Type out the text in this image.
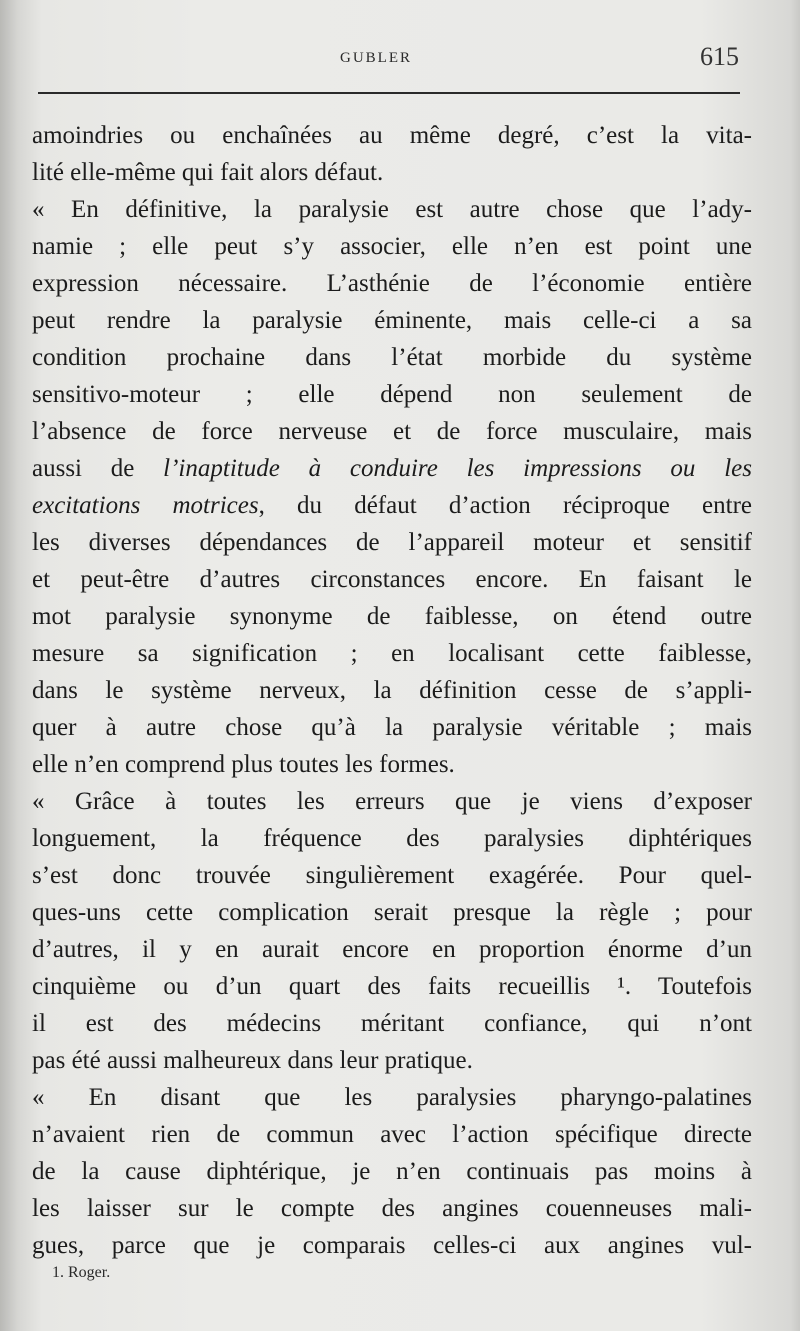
GUBLER	615
amoindries ou enchaînées au même degré, c’est la vita-
lité elle-même qui fait alors défaut.
« En définitive, la paralysie est autre chose que l’ady-
namie ; elle peut s’y associer, elle n’en est point une
expression nécessaire. L’asthénie de l’économie entière
peut rendre la paralysie éminente, mais celle-ci a sa
condition prochaine dans l’état morbide du système
sensitivo-moteur ; elle dépend non seulement de
l’absence de force nerveuse et de force musculaire, mais
aussi de l’inaptitude à conduire les impressions ou les
excitations motrices, du défaut d’action réciproque entre
les diverses dépendances de l’appareil moteur et sensitif
et peut-être d’autres circonstances encore. En faisant le
mot paralysie synonyme de faiblesse, on étend outre
mesure sa signification ; en localisant cette faiblesse,
dans le système nerveux, la définition cesse de s’appli-
quer à autre chose qu’à la paralysie véritable ; mais
elle n’en comprend plus toutes les formes.
« Grâce à toutes les erreurs que je viens d’exposer
longuement, la fréquence des paralysies diphtériques
s’est donc trouvée singulièrement exagérée. Pour quel-
ques-uns cette complication serait presque la règle ; pour
d’autres, il y en aurait encore en proportion énorme d’un
cinquième ou d’un quart des faits recueillis ¹. Toutefois
il est des médecins méritant confiance, qui n’ont
pas été aussi malheureux dans leur pratique.
« En disant que les paralysies pharyngo-palatines
n’avaient rien de commun avec l’action spécifique directe
de la cause diphtérique, je n’en continuais pas moins à
les laisser sur le compte des angines couenneuses mali-
gues, parce que je comparais celles-ci aux angines vul-
1. Roger.
